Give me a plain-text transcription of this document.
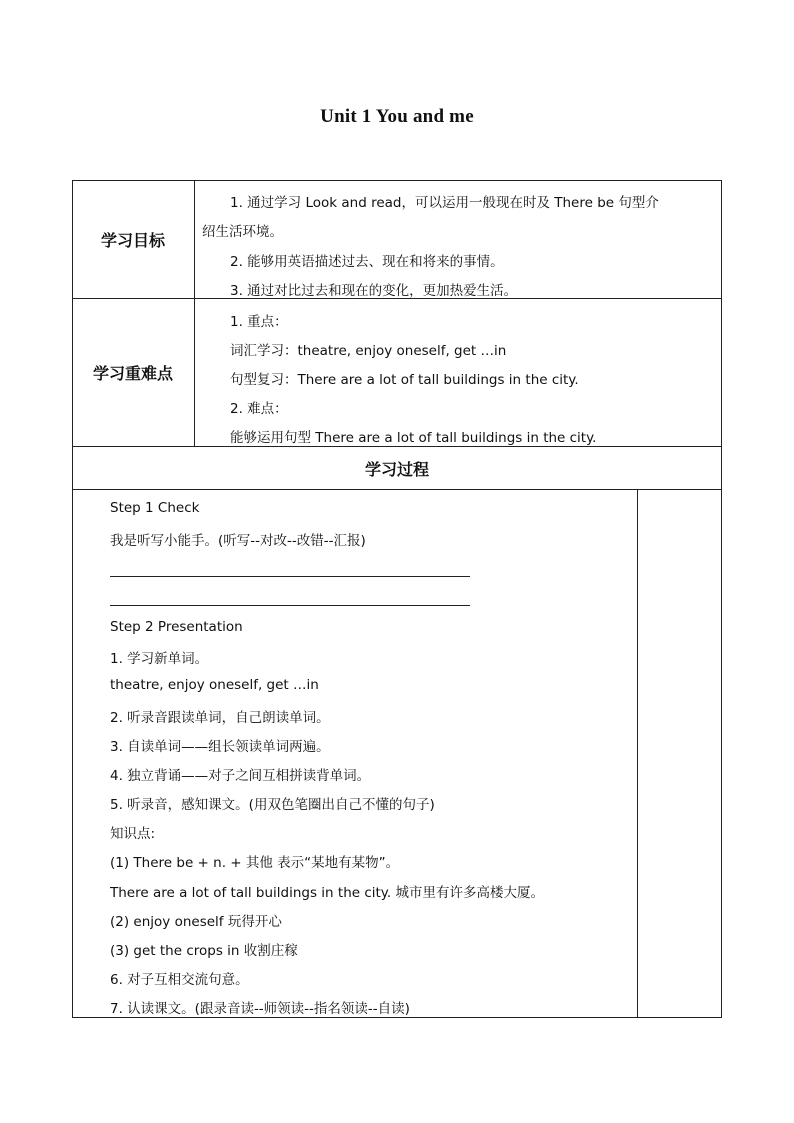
Unit 1 You and me
学习目标
1. 通过学习 Look and read，可以运用一般现在时及 There be 句型介
绍生活环境。
2. 能够用英语描述过去、现在和将来的事情。
3. 通过对比过去和现在的变化，更加热爱生活。
学习重难点
1. 重点：
词汇学习：theatre, enjoy oneself, get …in
句型复习：There are a lot of tall buildings in the city.
2. 难点：
能够运用句型 There are a lot of tall buildings in the city.
学习过程
Step 1 Check
我是听写小能手。(听写--对改--改错--汇报)
Step 2 Presentation
1. 学习新单词。
theatre, enjoy oneself, get …in
2. 听录音跟读单词，自己朗读单词。
3. 自读单词——组长领读单词两遍。
4. 独立背诵——对子之间互相拼读背单词。
5. 听录音，感知课文。(用双色笔圈出自己不懂的句子)
知识点:
(1) There be + n. + 其他 表示“某地有某物”。
There are a lot of tall buildings in the city. 城市里有许多高楼大厦。
(2) enjoy oneself 玩得开心
(3) get the crops in 收割庄稼
6. 对子互相交流句意。
7. 认读课文。(跟录音读--师领读--指名领读--自读)
